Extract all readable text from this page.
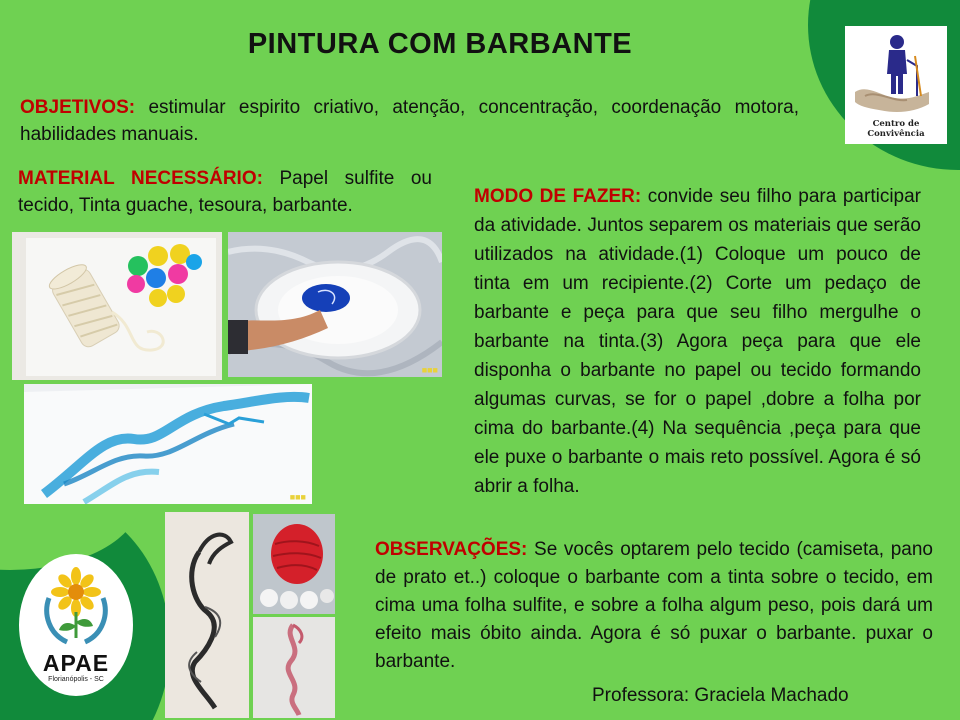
PINTURA COM BARBANTE

OBJETIVOS: estimular espirito criativo, atenção, concentração, coordenação motora, habilidades manuais.

MATERIAL NECESSÁRIO: Papel sulfite ou tecido, Tinta guache, tesoura, barbante.	MODO DE FAZER: convide seu filho para participar da atividade. Juntos separem os materiais que serão utilizados na atividade.(1) Coloque um pouco de tinta em um recipiente.(2) Corte um pedaço de barbante e peça para que seu filho mergulhe o barbante na tinta.(3) Agora peça para que ele disponha o barbante no papel ou tecido formando algumas curvas, se for o papel ,dobre a folha por cima do barbante.(4) Na sequência ,peça para que ele puxe o barbante o mais reto possível. Agora é só abrir a folha.

OBSERVAÇÕES: Se vocês optarem pelo tecido (camiseta, pano de prato et..) coloque o barbante com a tinta sobre o tecido, em cima uma folha sulfite, e sobre a folha algum peso, pois dará um efeito mais óbito ainda. Agora é só puxar o barbante. puxar o barbante.

Professora: Graciela Machado
■■■
■■■
Centro de Convivência
APAE
Florianópolis - SC
